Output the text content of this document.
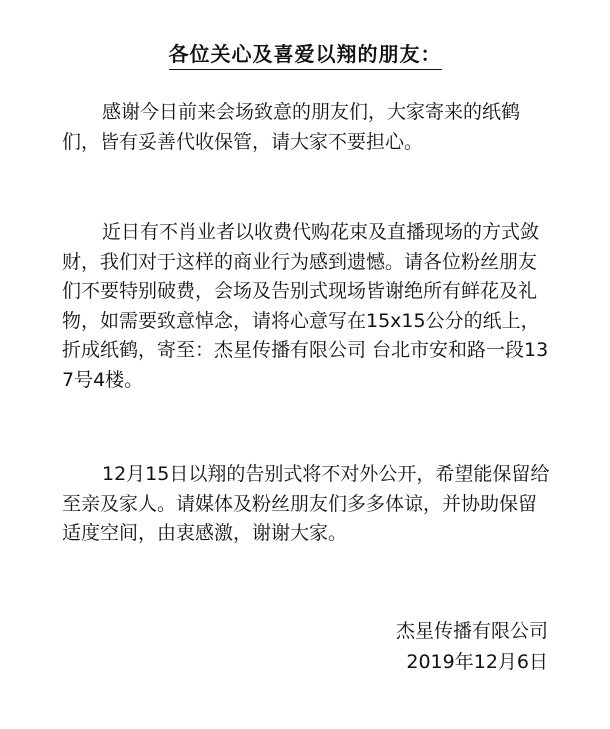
各位关心及喜爱以翔的朋友：

感谢今日前来会场致意的朋友们，大家寄来的纸鹤们，皆有妥善代收保管，请大家不要担心。

近日有不肖业者以收费代购花束及直播现场的方式敛财，我们对于这样的商业行为感到遗憾。请各位粉丝朋友们不要特别破费，会场及告别式现场皆谢绝所有鲜花及礼物，如需要致意悼念，请将心意写在15x15公分的纸上，折成纸鹤，寄至：杰星传播有限公司 台北市安和路一段137号4楼。

12月15日以翔的告别式将不对外公开，希望能保留给至亲及家人。请媒体及粉丝朋友们多多体谅，并协助保留适度空间，由衷感激，谢谢大家。

杰星传播有限公司
2019年12月6日
